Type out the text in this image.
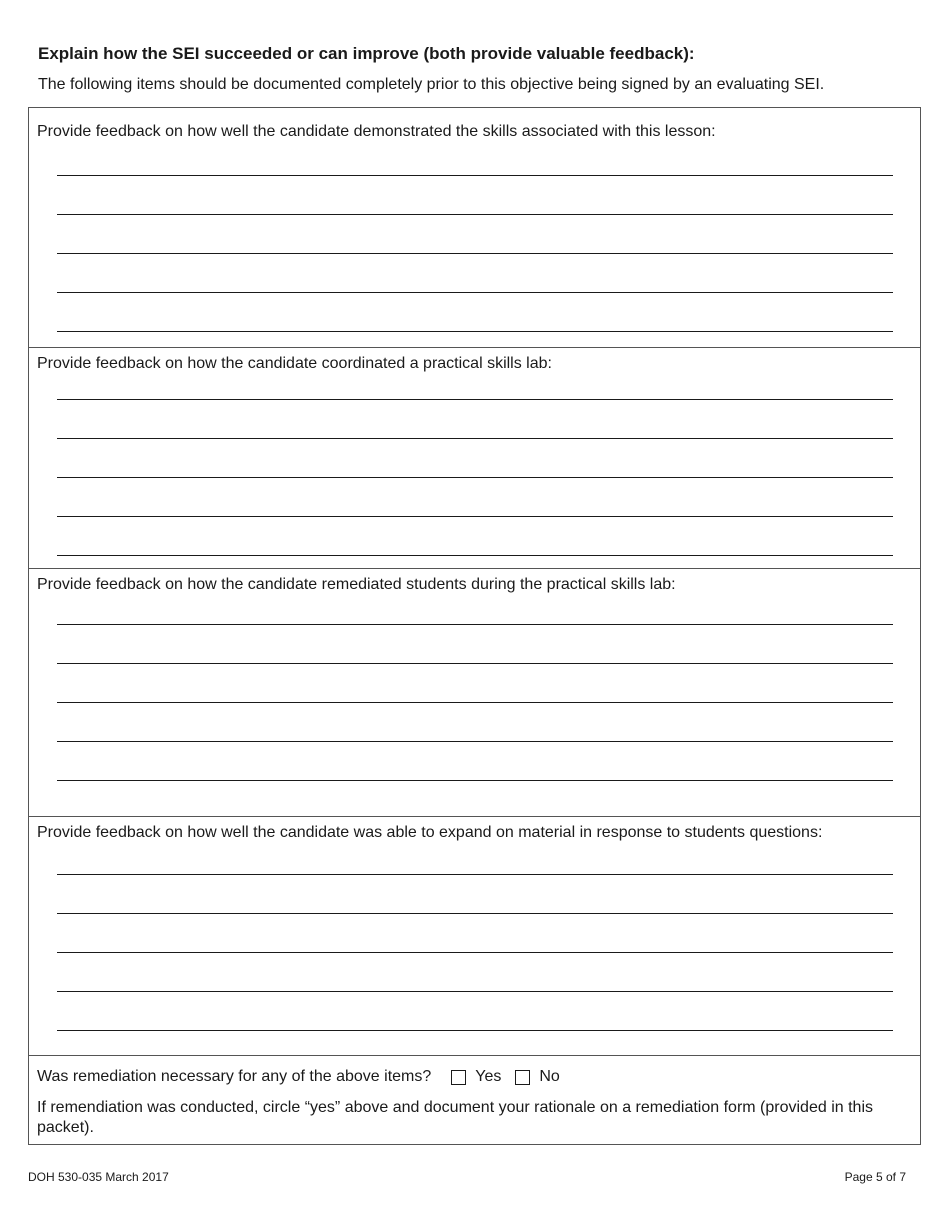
Explain how the SEI succeeded or can improve (both provide valuable feedback):

The following items should be documented completely prior to this objective being signed by an evaluating SEI.

Provide feedback on how well the candidate demonstrated the skills associated with this lesson:

Provide feedback on how the candidate coordinated a practical skills lab:

Provide feedback on how the candidate remediated students during the practical skills lab:

Provide feedback on how well the candidate was able to expand on material in response to students questions:

Was remediation necessary for any of the above items?	Yes No

If remendiation was conducted, circle “yes” above and document your rationale on a remediation form (provided in this packet).

DOH 530-035 March 2017	Page 5 of 7
